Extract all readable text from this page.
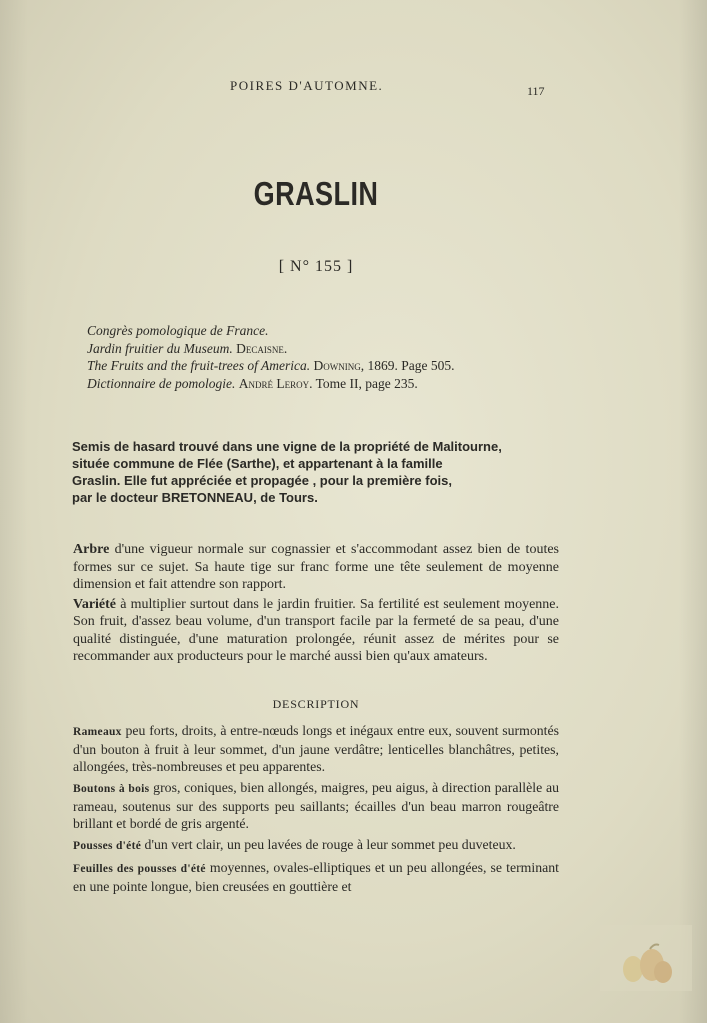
POIRES D'AUTOMNE.	117
GRASLIN
[ N° 155 ]
Congrès pomologique de France.
Jardin fruitier du Museum. Decaisne.
The Fruits and the fruit-trees of America. Downing, 1869. Page 505.
Dictionnaire de pomologie. André Leroy. Tome II, page 235.
Semis de hasard trouvé dans une vigne de la propriété de Malitourne,
située commune de Flée (Sarthe), et appartenant à la famille
Graslin. Elle fut appréciée et propagée , pour la première fois,
par le docteur BRETONNEAU, de Tours.

Arbre d'une vigueur normale sur cognassier et s'accommodant assez bien de toutes formes sur ce sujet. Sa haute tige sur franc forme une tête seulement de moyenne dimension et fait attendre son rapport.

Variété à multiplier surtout dans le jardin fruitier. Sa fertilité est seulement moyenne. Son fruit, d'assez beau volume, d'un transport facile par la fermeté de sa peau, d'une qualité distinguée, d'une maturation prolongée, réunit assez de mérites pour se recommander aux producteurs pour le marché aussi bien qu'aux amateurs.

DESCRIPTION

Rameaux peu forts, droits, à entre-nœuds longs et inégaux entre eux, souvent surmontés d'un bouton à fruit à leur sommet, d'un jaune verdâtre; lenticelles blanchâtres, petites, allongées, très-nombreuses et peu apparentes.

Boutons à bois gros, coniques, bien allongés, maigres, peu aigus, à direction parallèle au rameau, soutenus sur des supports peu saillants; écailles d'un beau marron rougeâtre brillant et bordé de gris argenté.

Pousses d'été d'un vert clair, un peu lavées de rouge à leur sommet peu duveteux.

Feuilles des pousses d'été moyennes, ovales-elliptiques et un peu allongées, se terminant en une pointe longue, bien creusées en gouttière et
